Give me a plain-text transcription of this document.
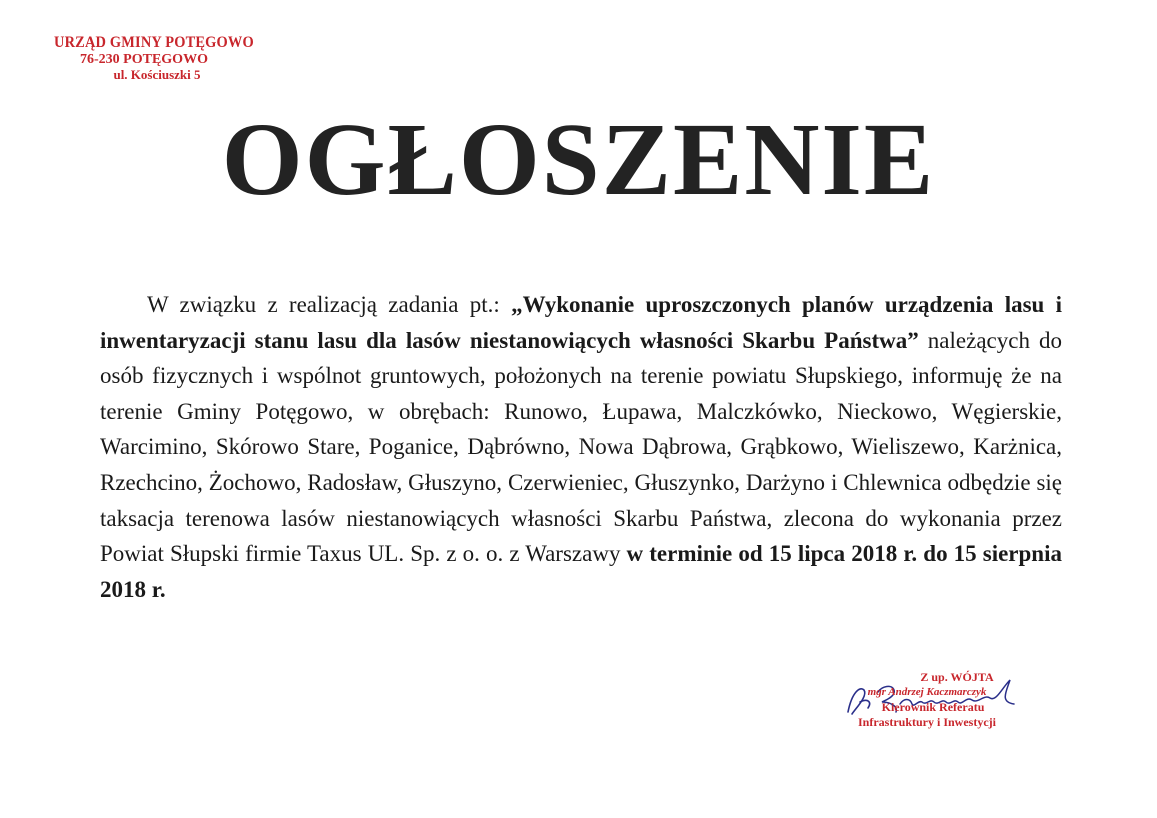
URZĄD GMINY POTĘGOWO
76-230 POTĘGOWO
ul. Kościuszki 5
OGŁOSZENIE

W związku z realizacją zadania pt.: „Wykonanie uproszczonych planów urządzenia lasu i inwentaryzacji stanu lasu dla lasów niestanowiących własności Skarbu Państwa” należących do osób fizycznych i wspólnot gruntowych, położonych na terenie powiatu Słupskiego, informuję że na terenie Gminy Potęgowo, w obrębach: Runowo, Łupawa, Malczkówko, Nieckowo, Węgierskie, Warcimino, Skórowo Stare, Poganice, Dąbrówno, Nowa Dąbrowa, Grąbkowo, Wieliszewo, Karżnica, Rzechcino, Żochowo, Radosław, Głuszyno, Czerwieniec, Głuszynko, Darżyno i Chlewnica odbędzie się taksacja terenowa lasów niestanowiących własności Skarbu Państwa, zlecona do wykonania przez Powiat Słupski firmie Taxus UL. Sp. z o. o. z Warszawy w terminie od 15 lipca 2018 r. do 15 sierpnia 2018 r.

Z up. WÓJTA
mgr Andrzej Kaczmarczyk
Kierownik Referatu
Infrastruktury i Inwestycji
